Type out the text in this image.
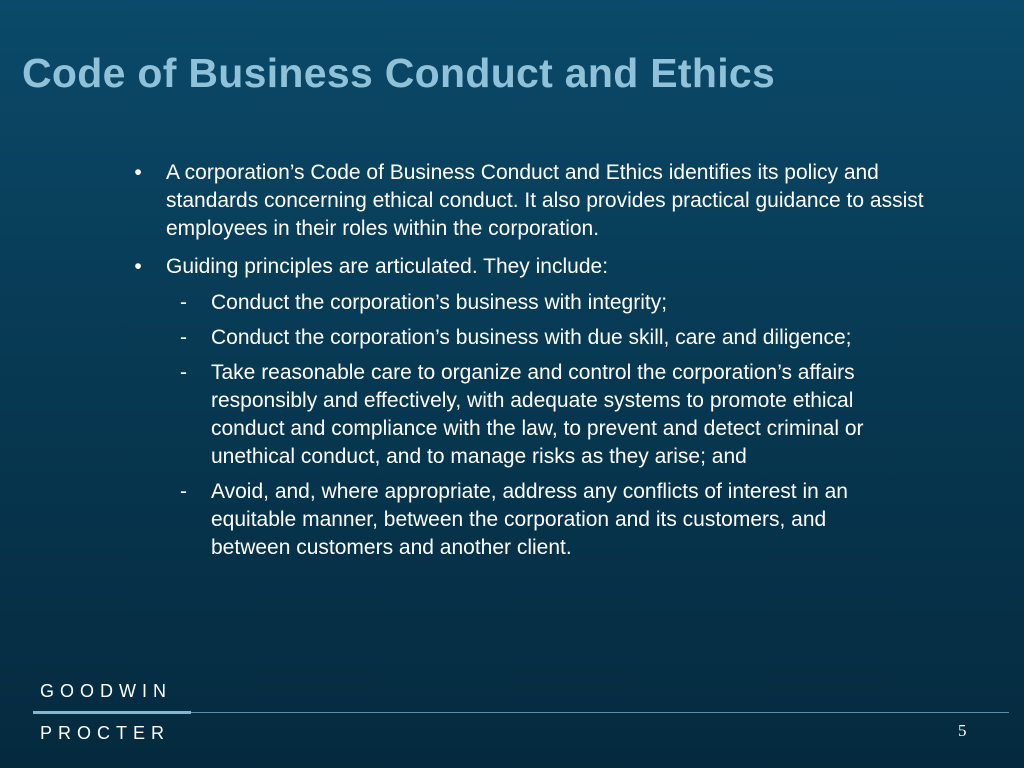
Code of Business Conduct and Ethics
•	A corporation’s Code of Business Conduct and Ethics identifies its policy and standards concerning ethical conduct. It also provides practical guidance to assist employees in their roles within the corporation.
•	Guiding principles are articulated. They include:
- Conduct the corporation’s business with integrity;
- Conduct the corporation’s business with due skill, care and diligence;
- Take reasonable care to organize and control the corporation’s affairs responsibly and effectively, with adequate systems to promote ethical conduct and compliance with the law, to prevent and detect criminal or unethical conduct, and to manage risks as they arise; and
- Avoid, and, where appropriate, address any conflicts of interest in an equitable manner, between the corporation and its customers, and between customers and another client.
GOODWIN
PROCTER	5
